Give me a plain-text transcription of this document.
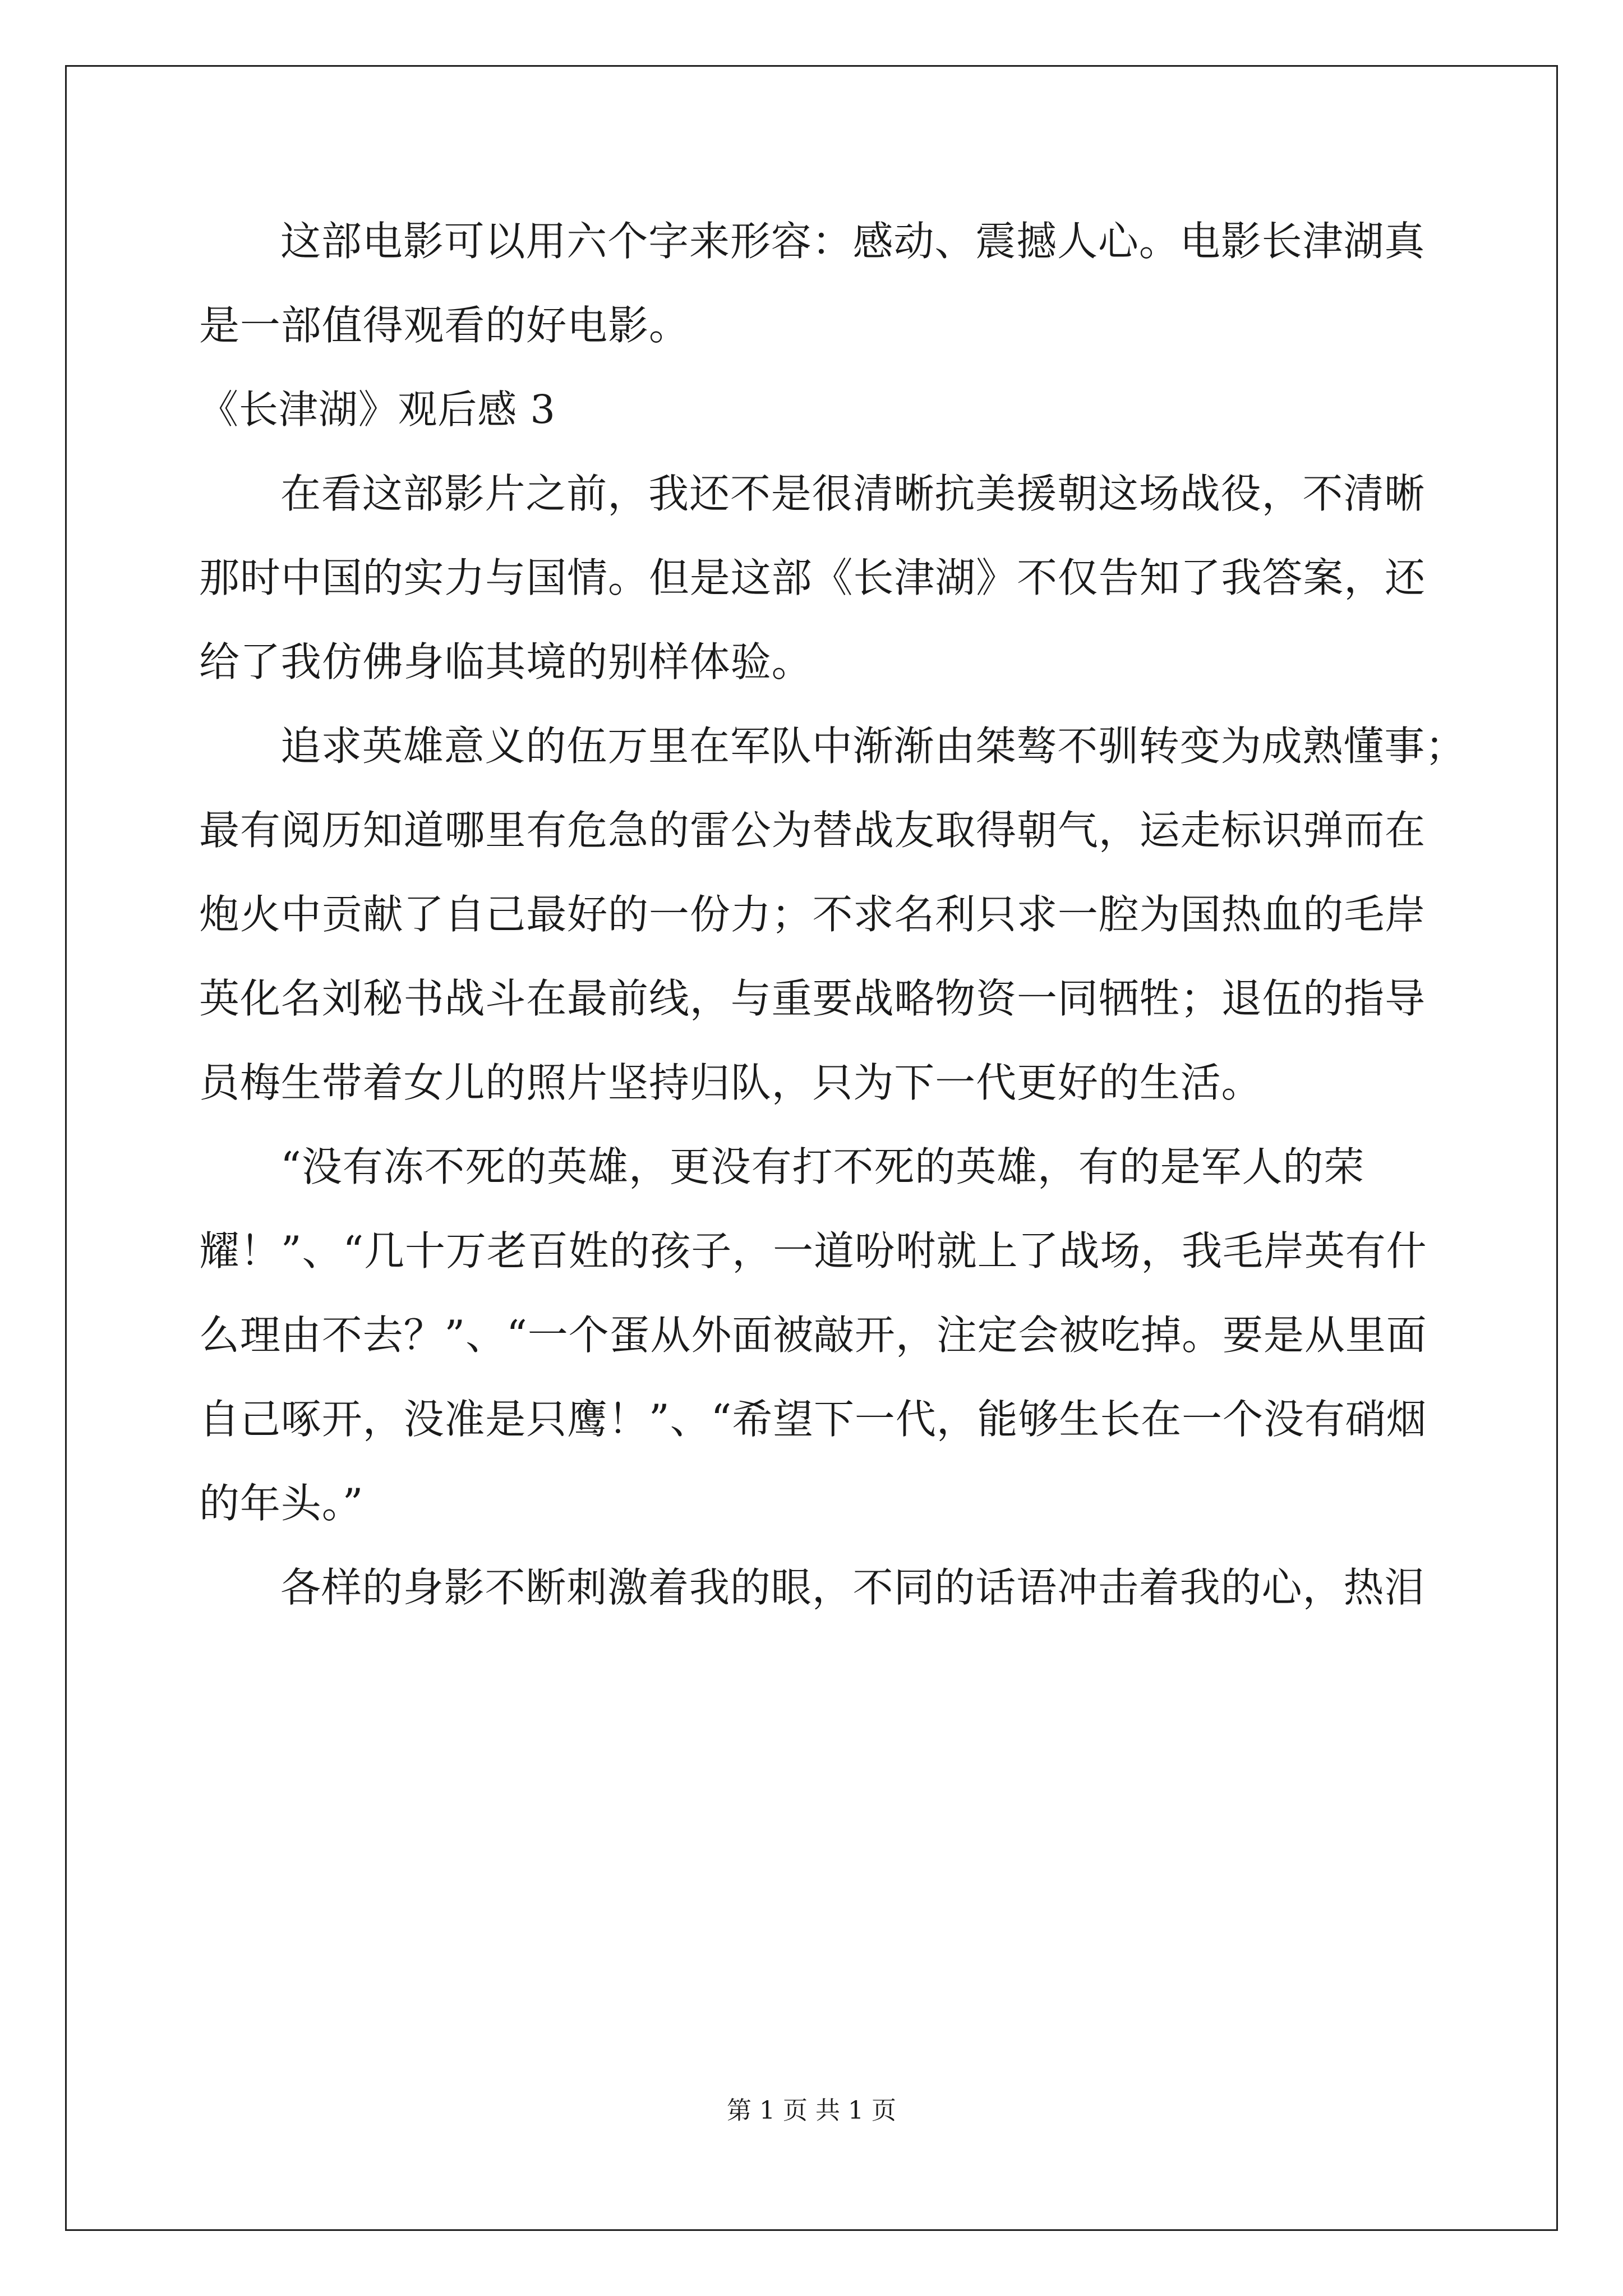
这部电影可以用六个字来形容：感动、震撼人心。电影长津湖真
是一部值得观看的好电影。
《长津湖》观后感 3
在看这部影片之前，我还不是很清晰抗美援朝这场战役，不清晰
那时中国的实力与国情。但是这部《长津湖》不仅告知了我答案，还
给了我仿佛身临其境的别样体验。
追求英雄意义的伍万里在军队中渐渐由桀骜不驯转变为成熟懂事；
最有阅历知道哪里有危急的雷公为替战友取得朝气，运走标识弹而在
炮火中贡献了自己最好的一份力；不求名利只求一腔为国热血的毛岸
英化名刘秘书战斗在最前线，与重要战略物资一同牺牲；退伍的指导
员梅生带着女儿的照片坚持归队，只为下一代更好的生活。
“没有冻不死的英雄，更没有打不死的英雄，有的是军人的荣
耀！”、“几十万老百姓的孩子，一道吩咐就上了战场，我毛岸英有什
么理由不去？”、“一个蛋从外面被敲开，注定会被吃掉。要是从里面
自己啄开，没准是只鹰！”、“希望下一代，能够生长在一个没有硝烟
的年头。”
各样的身影不断刺激着我的眼，不同的话语冲击着我的心，热泪
第 1 页 共 1 页
